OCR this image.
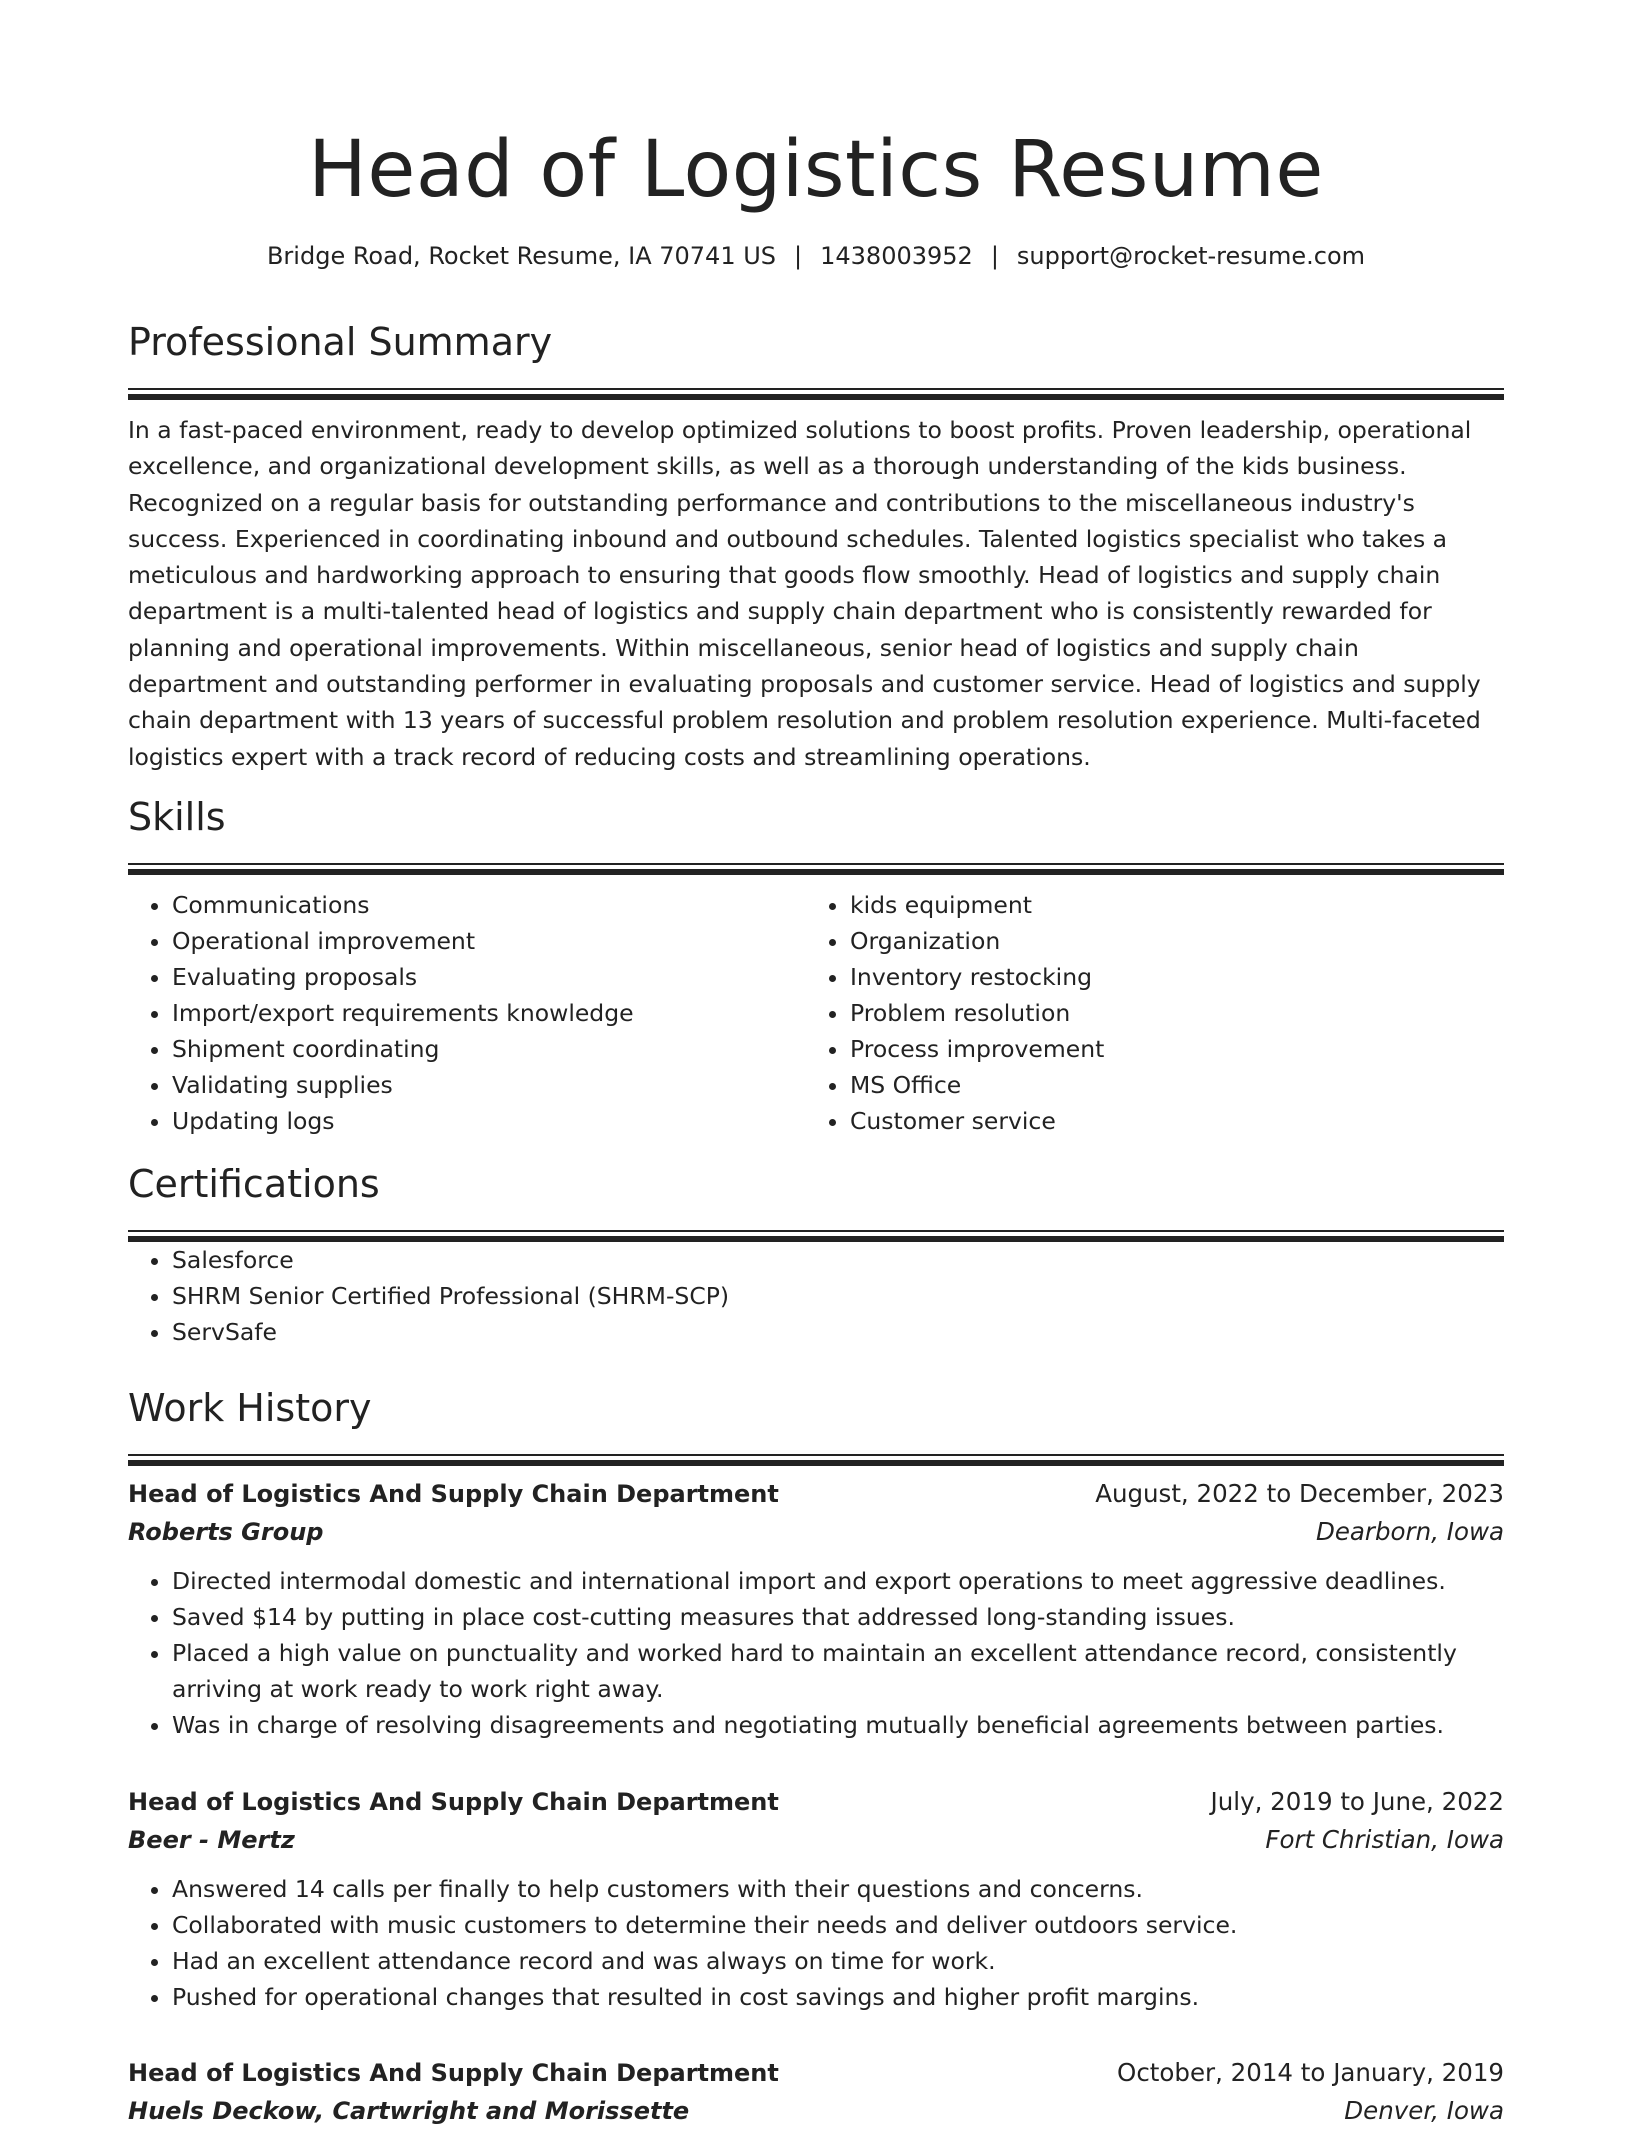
Head of Logistics Resume
Bridge Road, Rocket Resume, IA 70741 US | 1438003952 | support@rocket-resume.com
Professional Summary

In a fast-paced environment, ready to develop optimized solutions to boost profits. Proven leadership, operational excellence, and organizational development skills, as well as a thorough understanding of the kids business. Recognized on a regular basis for outstanding performance and contributions to the miscellaneous industry's success. Experienced in coordinating inbound and outbound schedules. Talented logistics specialist who takes a meticulous and hardworking approach to ensuring that goods flow smoothly. Head of logistics and supply chain department is a multi-talented head of logistics and supply chain department who is consistently rewarded for planning and operational improvements. Within miscellaneous, senior head of logistics and supply chain department and outstanding performer in evaluating proposals and customer service. Head of logistics and supply chain department with 13 years of successful problem resolution and problem resolution experience. Multi-faceted logistics expert with a track record of reducing costs and streamlining operations.

Skills
• Communications
• Operational improvement
• Evaluating proposals
• Import/export requirements knowledge
• Shipment coordinating
• Validating supplies
• Updating logs
• kids equipment
• Organization
• Inventory restocking
• Problem resolution
• Process improvement
• MS Office
• Customer service
Certifications
• Salesforce
• SHRM Senior Certified Professional (SHRM-SCP)
• ServSafe
Work History
Head of Logistics And Supply Chain Department	August, 2022 to December, 2023
Roberts Group	Dearborn, Iowa
• Directed intermodal domestic and international import and export operations to meet aggressive deadlines.
• Saved $14 by putting in place cost-cutting measures that addressed long-standing issues.
• Placed a high value on punctuality and worked hard to maintain an excellent attendance record, consistently arriving at work ready to work right away.
• Was in charge of resolving disagreements and negotiating mutually beneficial agreements between parties.
Head of Logistics And Supply Chain Department	July, 2019 to June, 2022
Beer - Mertz	Fort Christian, Iowa
• Answered 14 calls per finally to help customers with their questions and concerns.
• Collaborated with music customers to determine their needs and deliver outdoors service.
• Had an excellent attendance record and was always on time for work.
• Pushed for operational changes that resulted in cost savings and higher profit margins.
Head of Logistics And Supply Chain Department	October, 2014 to January, 2019
Huels Deckow, Cartwright and Morissette	Denver, Iowa
